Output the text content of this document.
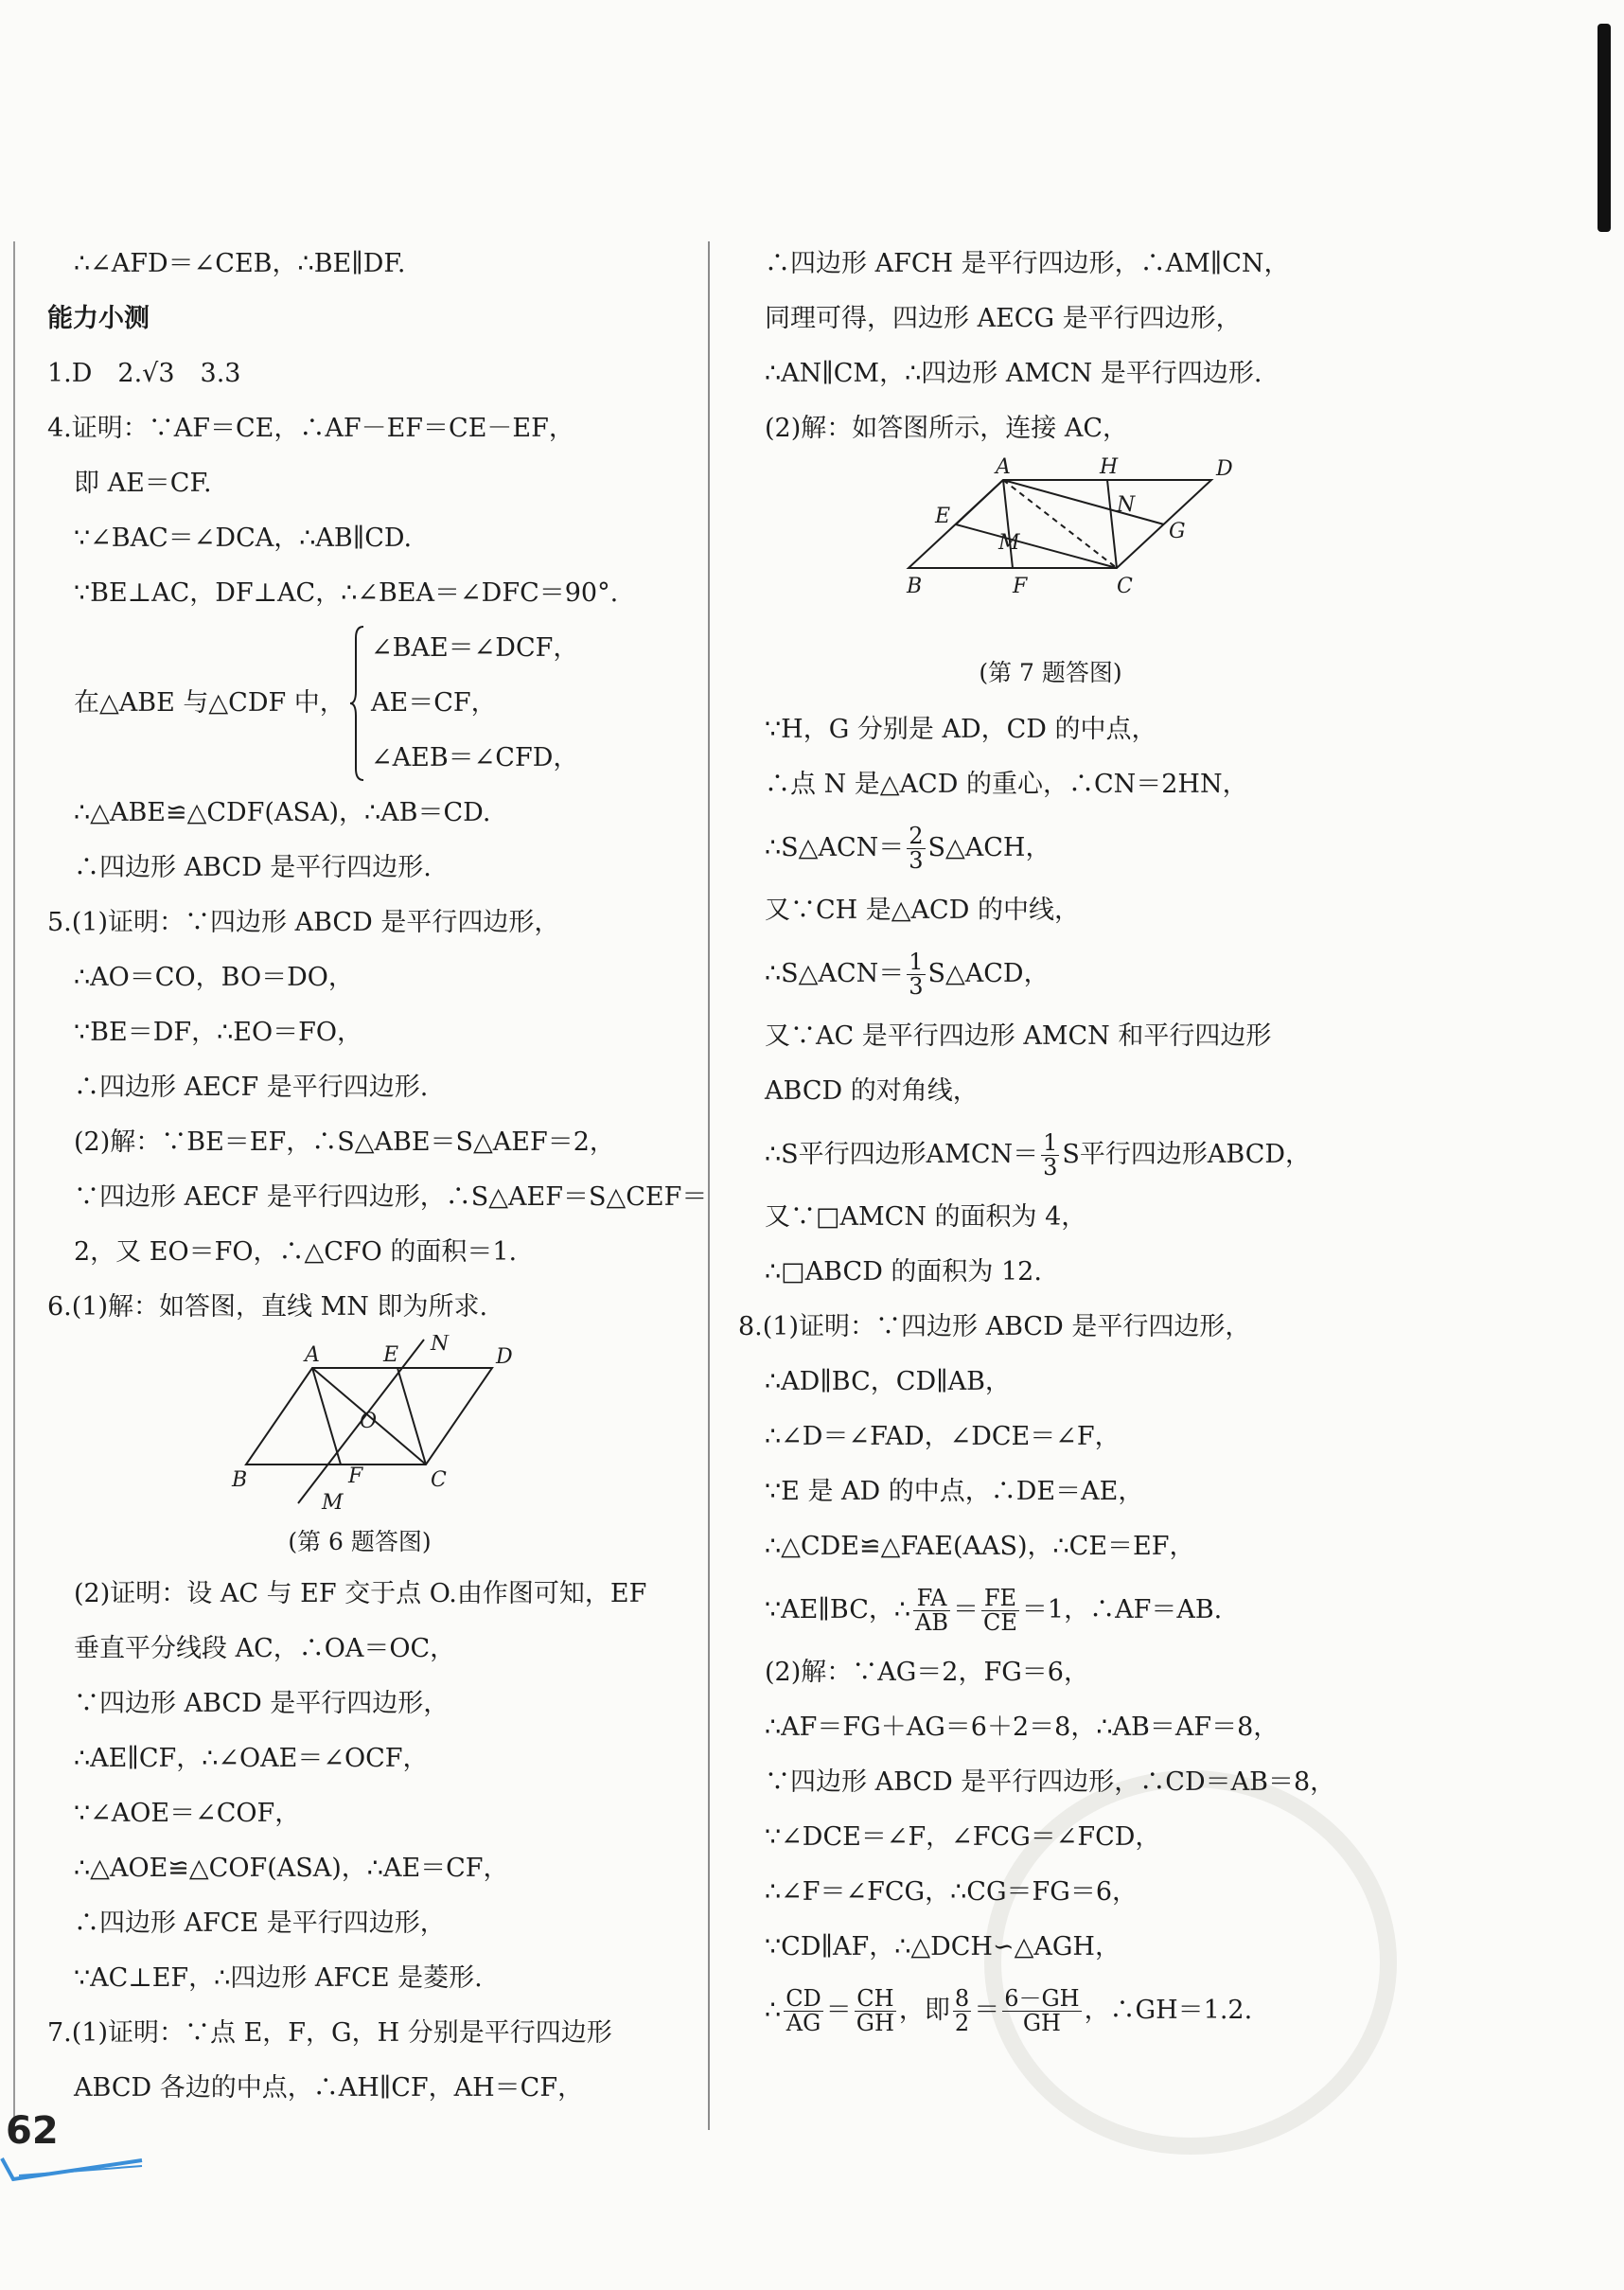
∴∠AFD＝∠CEB，∴BE∥DF.
能力小测
1.D　2.√3　3.3
4.证明：∵AF＝CE，∴AF－EF＝CE－EF，
即 AE＝CF.
∵∠BAC＝∠DCA，∴AB∥CD.
∵BE⊥AC，DF⊥AC，∴∠BEA＝∠DFC＝90°.
在△ABE 与△CDF 中，
∠BAE＝∠DCF，
AE＝CF，
∠AEB＝∠CFD，
∴△ABE≌△CDF(ASA)，∴AB＝CD.
∴四边形 ABCD 是平行四边形.
5.(1)证明：∵四边形 ABCD 是平行四边形，
∴AO＝CO，BO＝DO，
∵BE＝DF，∴EO＝FO，
∴四边形 AECF 是平行四边形.
(2)解：∵BE＝EF，∴S△ABE＝S△AEF＝2，
∵四边形 AECF 是平行四边形，∴S△AEF＝S△CEF＝
2，又 EO＝FO，∴△CFO 的面积＝1.
6.(1)解：如答图，直线 MN 即为所求.
A	E N
D
O
B	F	C
M
(第 6 题答图)
(2)证明：设 AC 与 EF 交于点 O.由作图可知，EF
垂直平分线段 AC，∴OA＝OC，
∵四边形 ABCD 是平行四边形，
∴AE∥CF，∴∠OAE＝∠OCF，
∵∠AOE＝∠COF，
∴△AOE≌△COF(ASA)，∴AE＝CF，
∴四边形 AFCE 是平行四边形，
∵AC⊥EF，∴四边形 AFCE 是菱形.
7.(1)证明：∵点 E，F，G，H 分别是平行四边形
ABCD 各边的中点，∴AH∥CF，AH＝CF，
∴四边形 AFCH 是平行四边形，∴AM∥CN，
同理可得，四边形 AECG 是平行四边形，
∴AN∥CM，∴四边形 AMCN 是平行四边形.
(2)解：如答图所示，连接 AC，
A	H	D
N
E
G
M
B	F	C
(第 7 题答图)
∵H，G 分别是 AD，CD 的中点，
∴点 N 是△ACD 的重心，∴CN＝2HN，
∴S△ACN＝ $\frac{2}{3}$ S△ACH，
又∵CH 是△ACD 的中线，
∴S△ACN＝ $\frac{1}{3}$ S△ACD，
又∵AC 是平行四边形 AMCN 和平行四边形
ABCD 的对角线，
∴S平行四边形AMCN＝ $\frac{1}{3}$ S平行四边形ABCD，
又∵□AMCN 的面积为 4，
∴□ABCD 的面积为 12.
8.(1)证明：∵四边形 ABCD 是平行四边形，
∴AD∥BC，CD∥AB，
∴∠D＝∠FAD，∠DCE＝∠F，
∵E 是 AD 的中点，∴DE＝AE，
∴△CDE≌△FAE(AAS)，∴CE＝EF，
∵AE∥BC，∴ $\frac{FA}{AB} = \frac{FE}{CE} =1$，∴AF＝AB.
(2)解：∵AG＝2，FG＝6，
∴AF＝FG＋AG＝6＋2＝8，∴AB＝AF＝8，
∵四边形 ABCD 是平行四边形，∴CD＝AB＝8，
∵∠DCE＝∠F，∠FCG＝∠FCD，
∴∠F＝∠FCG，∴CG＝FG＝6，
∵CD∥AF，∴△DCH∽△AGH，
∴ $\frac{CD}{AG} = \frac{CH}{GH}$ ，即 $\frac{8}{2} = \frac{6-GH}{GH}$ ，∴GH＝1.2.
62
